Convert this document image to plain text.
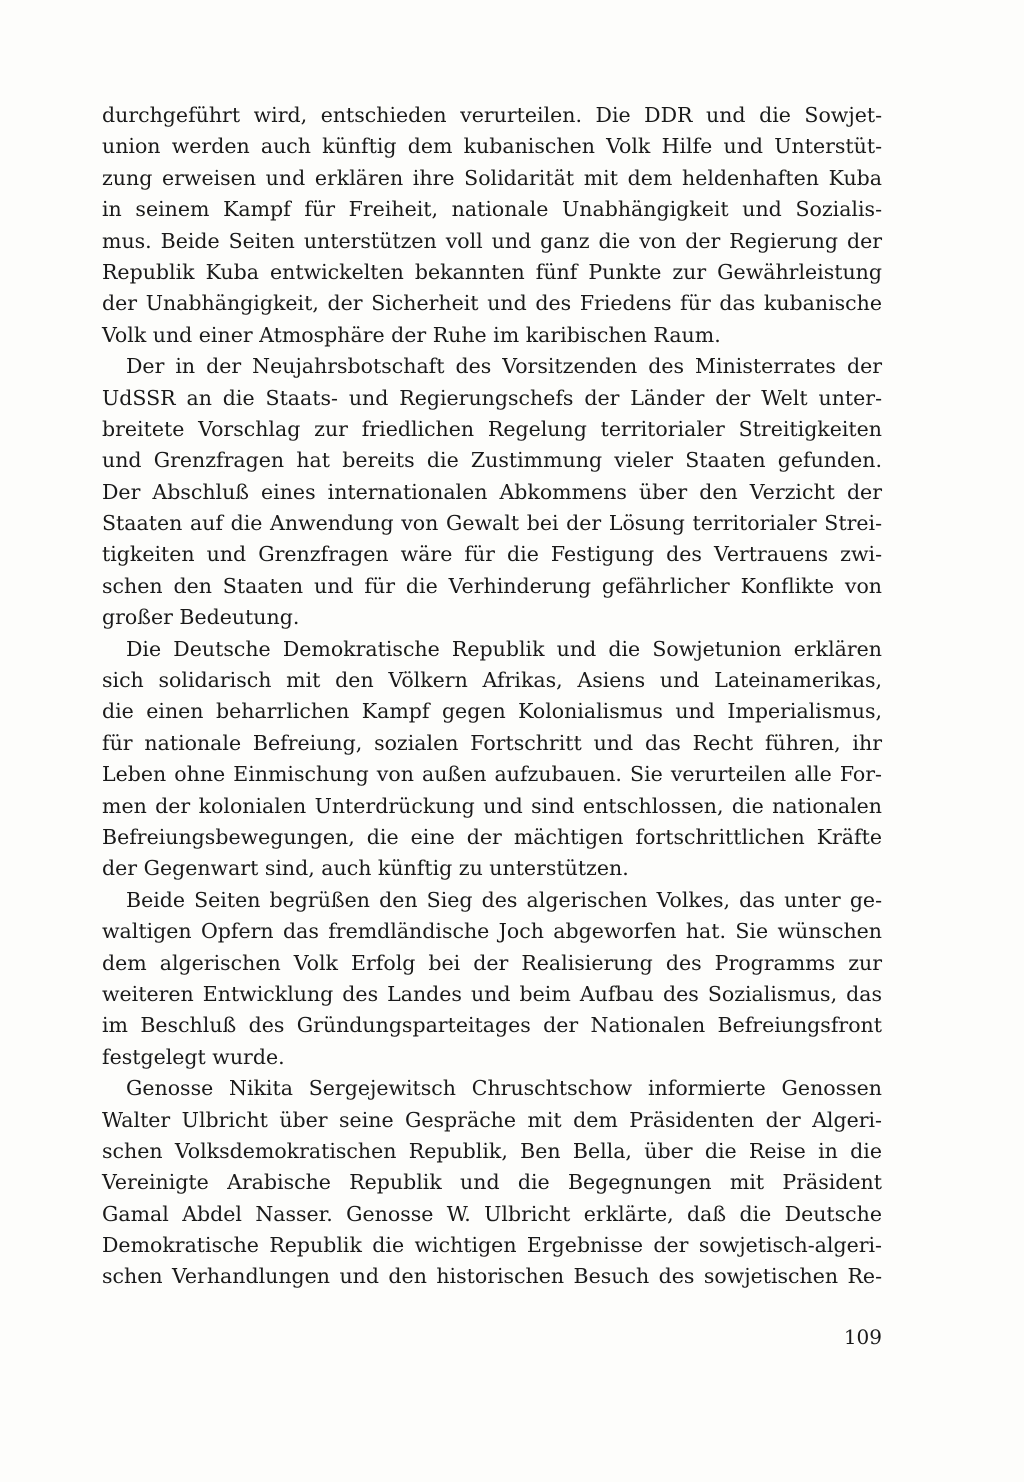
durchgeführt wird, entschieden verurteilen. Die DDR und die Sowjet-
union werden auch künftig dem kubanischen Volk Hilfe und Unterstüt-
zung erweisen und erklären ihre Solidarität mit dem heldenhaften Kuba
in seinem Kampf für Freiheit, nationale Unabhängigkeit und Sozialis-
mus. Beide Seiten unterstützen voll und ganz die von der Regierung der
Republik Kuba entwickelten bekannten fünf Punkte zur Gewährleistung
der Unabhängigkeit, der Sicherheit und des Friedens für das kubanische
Volk und einer Atmosphäre der Ruhe im karibischen Raum.
Der in der Neujahrsbotschaft des Vorsitzenden des Ministerrates der
UdSSR an die Staats- und Regierungschefs der Länder der Welt unter-
breitete Vorschlag zur friedlichen Regelung territorialer Streitigkeiten
und Grenzfragen hat bereits die Zustimmung vieler Staaten gefunden.
Der Abschluß eines internationalen Abkommens über den Verzicht der
Staaten auf die Anwendung von Gewalt bei der Lösung territorialer Strei-
tigkeiten und Grenzfragen wäre für die Festigung des Vertrauens zwi-
schen den Staaten und für die Verhinderung gefährlicher Konflikte von
großer Bedeutung.
Die Deutsche Demokratische Republik und die Sowjetunion erklären
sich solidarisch mit den Völkern Afrikas, Asiens und Lateinamerikas,
die einen beharrlichen Kampf gegen Kolonialismus und Imperialismus,
für nationale Befreiung, sozialen Fortschritt und das Recht führen, ihr
Leben ohne Einmischung von außen aufzubauen. Sie verurteilen alle For-
men der kolonialen Unterdrückung und sind entschlossen, die nationalen
Befreiungsbewegungen, die eine der mächtigen fortschrittlichen Kräfte
der Gegenwart sind, auch künftig zu unterstützen.
Beide Seiten begrüßen den Sieg des algerischen Volkes, das unter ge-
waltigen Opfern das fremdländische Joch abgeworfen hat. Sie wünschen
dem algerischen Volk Erfolg bei der Realisierung des Programms zur
weiteren Entwicklung des Landes und beim Aufbau des Sozialismus, das
im Beschluß des Gründungsparteitages der Nationalen Befreiungsfront
festgelegt wurde.
Genosse Nikita Sergejewitsch Chruschtschow informierte Genossen
Walter Ulbricht über seine Gespräche mit dem Präsidenten der Algeri-
schen Volksdemokratischen Republik, Ben Bella, über die Reise in die
Vereinigte Arabische Republik und die Begegnungen mit Präsident
Gamal Abdel Nasser. Genosse W. Ulbricht erklärte, daß die Deutsche
Demokratische Republik die wichtigen Ergebnisse der sowjetisch-algeri-
schen Verhandlungen und den historischen Besuch des sowjetischen Re-
109
